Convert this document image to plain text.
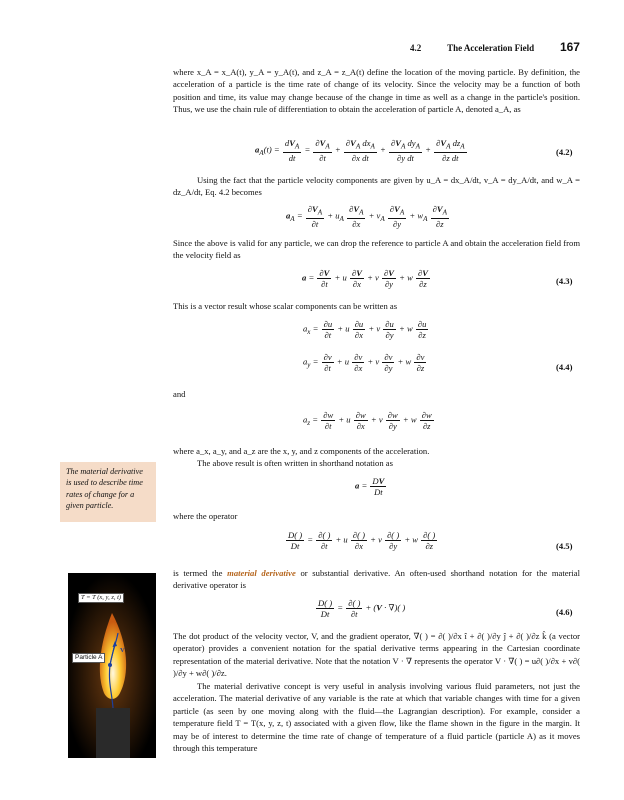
4.2	The Acceleration Field 167
where x_A = x_A(t), y_A = y_A(t), and z_A = z_A(t) define the location of the moving particle. By definition, the acceleration of a particle is the time rate of change of its velocity. Since the velocity may be a function of both position and time, its value may change because of the change in time as well as a change in the particle's position. Thus, we use the chain rule of differentiation to obtain the acceleration of particle A, denoted a_A, as
$a_A(t) = \frac{dV_A}{dt} = \frac{\partial V_A}{\partial t} + \frac{\partial V_A dx_A}{\text{∂x dt}} + \frac{\partial V_A dy_A}{\text{∂y dt}} + \frac{\partial V_A dz_A}{\text{∂z dt}}$	(4.2)
Using the fact that the particle velocity components are given by u_A = dx_A/dt, v_A = dy_A/dt, and w_A = dz_A/dt, Eq. 4.2 becomes
$a_A = \frac{\partial V_A}{\partial t} + u_A \frac{\partial V_A}{\partial x} + v_A \frac{\partial V_A}{\partial y} + w_A \frac{\partial V_A}{\partial z}$
Since the above is valid for any particle, we can drop the reference to particle A and obtain the acceleration field from the velocity field as
$a = \frac{\partial V}{\partial t} + u \frac{\partial V}{\partial x} + v \frac{\partial V}{\partial y} + w \frac{\partial V}{\partial z}$	(4.3)
This is a vector result whose scalar components can be written as
$a_x = \frac{\partial u}{\partial t} + u \frac{\partial u}{\partial x} + v \frac{\partial u}{\partial y} + w \frac{\partial u}{\partial z}$
$a_y = \frac{\partial v}{\partial t} + u \frac{\partial v}{\partial x} + v \frac{\partial v}{\partial y} + w \frac{\partial v}{\partial z}$	(4.4)
and
$a_z = \frac{\partial w}{\partial t} + u \frac{\partial w}{\partial x} + v \frac{\partial w}{\partial y} + w \frac{\partial w}{\partial z}$
where a_x, a_y, and a_z are the x, y, and z components of the acceleration.
The above result is often written in shorthand notation as
The material derivative is used to describe time rates of change for a given particle.
$a = \frac{DV}{Dt}$
where the operator
$\frac{D( )}{Dt} = \frac{\partial( )}{\partial t} + u \frac{\partial( )}{\partial x} + v \frac{\partial( )}{\partial y} + w \frac{\partial( )}{\partial z}$	(4.5)
is termed the material derivative or substantial derivative. An often-used shorthand notation for the material derivative operator is
$\frac{D( )}{Dt} = \frac{\partial( )}{\partial t} + (V$ · ∇)( )	(4.6)
The dot product of the velocity vector, V, and the gradient operator, ∇( ) = ∂( )/∂x î + ∂( )/∂y ĵ + ∂( )/∂z k̂ (a vector operator) provides a convenient notation for the spatial derivative terms appearing in the Cartesian coordinate representation of the material derivative. Note that the notation V · ∇ represents the operator V · ∇( ) = u∂( )/∂x + v∂( )/∂y + w∂( )/∂z.
The material derivative concept is very useful in analysis involving various fluid parameters, not just the acceleration. The material derivative of any variable is the rate at which that variable changes with time for a given particle (as seen by one moving along with the fluid—the Lagrangian description). For example, consider a temperature field T = T(x, y, z, t) associated with a given flow, like the flame shown in the figure in the margin. It may be of interest to determine the time rate of change of temperature of a fluid particle (particle A) as it moves through this temperature
T = T (x, y, z, t)
Particle A
V
